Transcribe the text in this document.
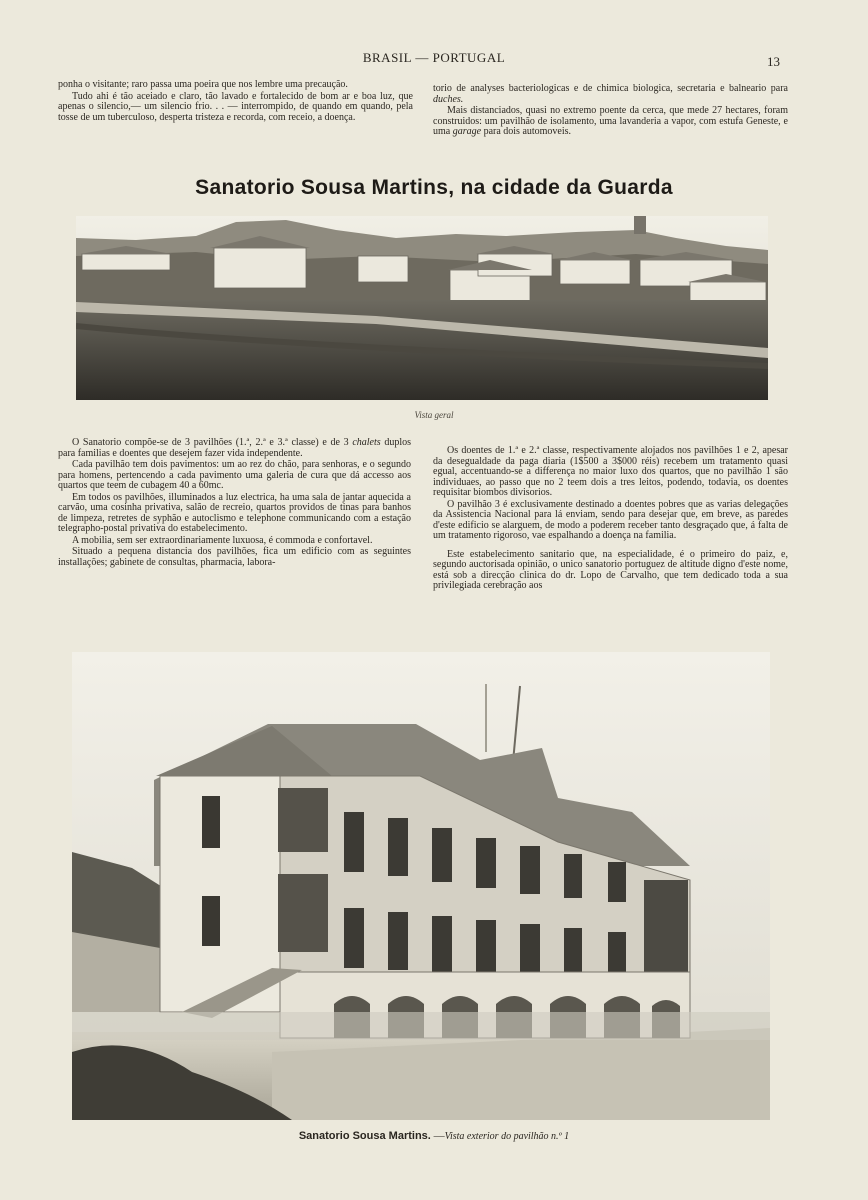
BRASIL — PORTUGAL	13

ponha o visitante; raro passa uma poeira que nos lembre uma precaução.

Tudo ahi é tão aceiado e claro, tão lavado e fortalecido de bom ar e boa luz, que apenas o silencio,— um silencio frio. . . — interrompido, de quando em quando, pela tosse de um tuberculoso, desperta tristeza e recorda, com receio, a doença.

torio de analyses bacteriologicas e de chimica biologica, secretaria e balneario para duches.

Mais distanciados, quasi no extremo poente da cerca, que mede 27 hectares, foram construidos: um pavilhão de isolamento, uma lavanderia a vapor, com estufa Geneste, e uma garage para dois automoveis.

Sanatorio Sousa Martins, na cidade da Guarda
Vista geral

O Sanatorio compõe-se de 3 pavilhões (1.ª, 2.ª e 3.ª classe) e de 3 chalets duplos para familias e doentes que desejem fazer vida independente.

Cada pavilhão tem dois pavimentos: um ao rez do chão, para senhoras, e o segundo para homens, pertencendo a cada pavimento uma galeria de cura que dá accesso aos quartos que teem de cubagem 40 a 60mc.

Em todos os pavilhões, illuminados a luz electrica, ha uma sala de jantar aquecida a carvão, uma cosinha privativa, salão de recreio, quartos providos de tinas para banhos de limpeza, retretes de syphão e autoclismo e telephone communicando com a estação telegrapho-postal privativa do estabelecimento.

A mobilia, sem ser extraordinariamente luxuosa, é commoda e confortavel.

Situado a pequena distancia dos pavilhões, fica um edificio com as seguintes installações; gabinete de consultas, pharmacia, labora-

Os doentes de 1.ª e 2.ª classe, respectivamente alojados nos pavilhões 1 e 2, apesar da desegualdade da paga diaria (1$500 a 3$000 réis) recebem um tratamento quasi egual, accentuando-se a differença no maior luxo dos quartos, que no pavilhão 1 são individuaes, ao passo que no 2 teem dois a tres leitos, podendo, todavia, os doentes requisitar biombos divisorios.

O pavilhão 3 é exclusivamente destinado a doentes pobres que as varias delegações da Assistencia Nacional para lá enviam, sendo para desejar que, em breve, as paredes d'este edificio se alarguem, de modo a poderem receber tanto desgraçado que, á falta de um tratamento rigoroso, vae espalhando a doença na familia.

Este estabelecimento sanitario que, na especialidade, é o primeiro do paiz, e, segundo auctorisada opinião, o unico sanatorio portuguez de altitude digno d'este nome, está sob a direcção clinica do dr. Lopo de Carvalho, que tem dedicado toda a sua privilegiada cerebração aos

Sanatorio Sousa Martins. —Vista exterior do pavilhão n.º 1
